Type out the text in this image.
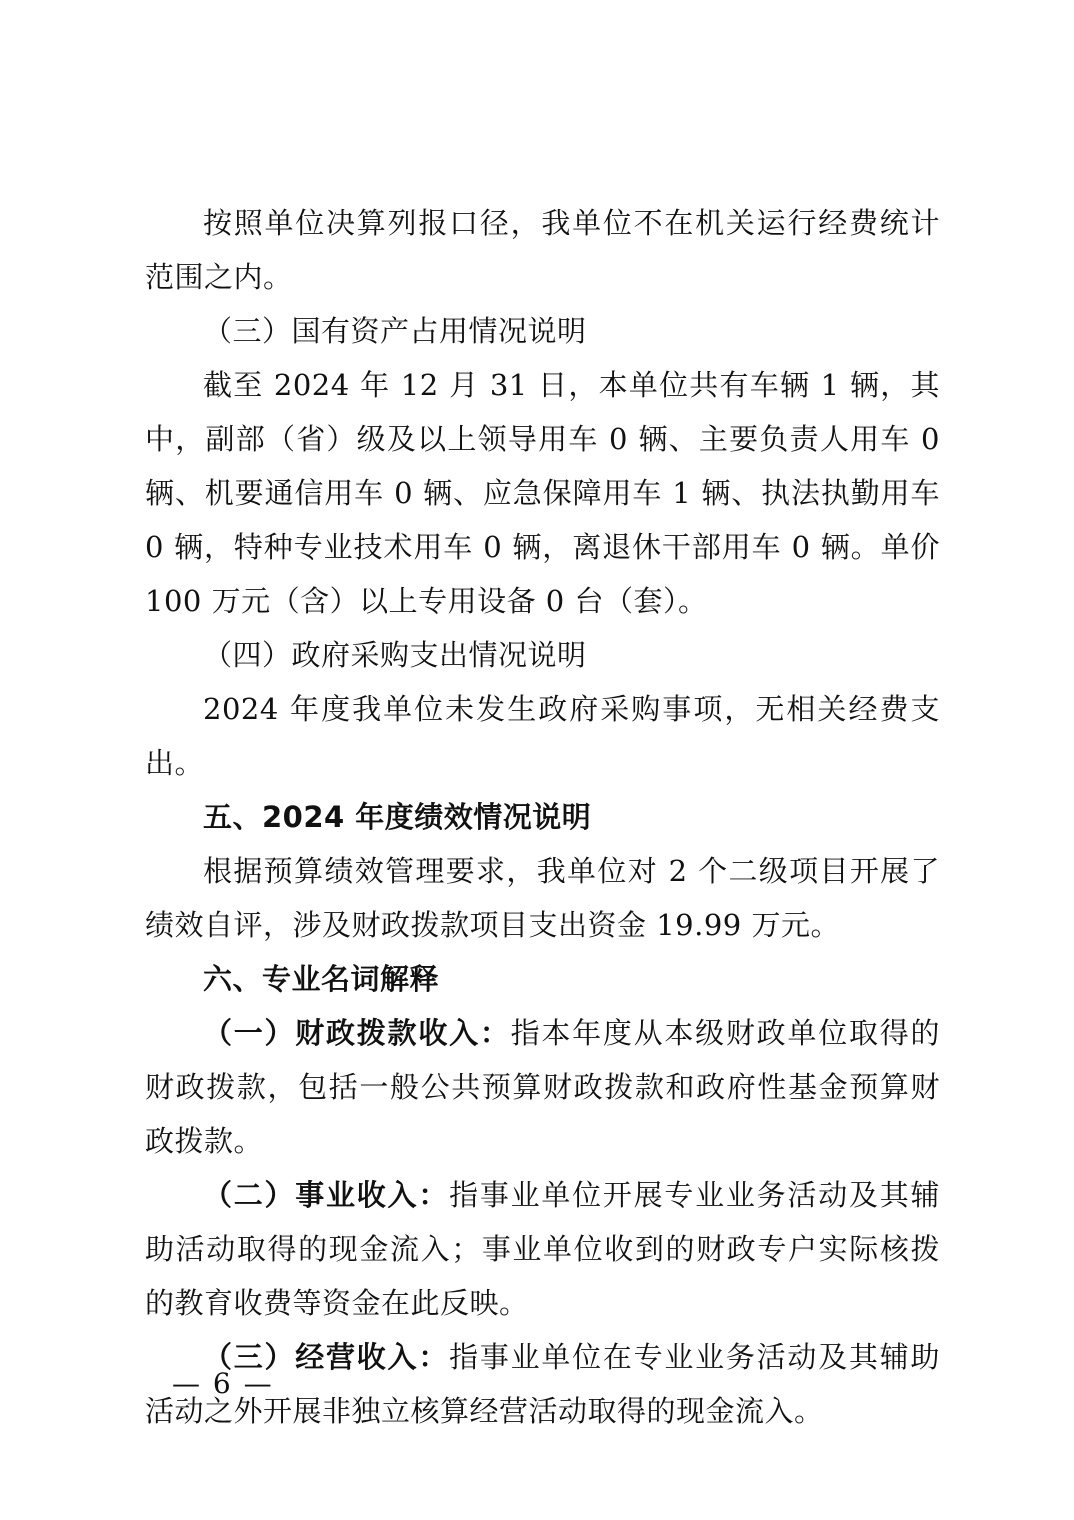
按照单位决算列报口径，我单位不在机关运行经费统计范围之内。

（三）国有资产占用情况说明

截至 2024 年 12 月 31 日，本单位共有车辆 1 辆，其中，副部（省）级及以上领导用车 0 辆、主要负责人用车 0 辆、机要通信用车 0 辆、应急保障用车 1 辆、执法执勤用车 0 辆，特种专业技术用车 0 辆，离退休干部用车 0 辆。单价 100 万元（含）以上专用设备 0 台（套）。

（四）政府采购支出情况说明

2024 年度我单位未发生政府采购事项，无相关经费支出。

五、2024 年度绩效情况说明

根据预算绩效管理要求，我单位对 2 个二级项目开展了绩效自评，涉及财政拨款项目支出资金 19.99 万元。

六、专业名词解释

（一）财政拨款收入：指本年度从本级财政单位取得的财政拨款，包括一般公共预算财政拨款和政府性基金预算财政拨款。

（二）事业收入：指事业单位开展专业业务活动及其辅助活动取得的现金流入；事业单位收到的财政专户实际核拨的教育收费等资金在此反映。

（三）经营收入：指事业单位在专业业务活动及其辅助活动之外开展非独立核算经营活动取得的现金流入。

— 6 —
